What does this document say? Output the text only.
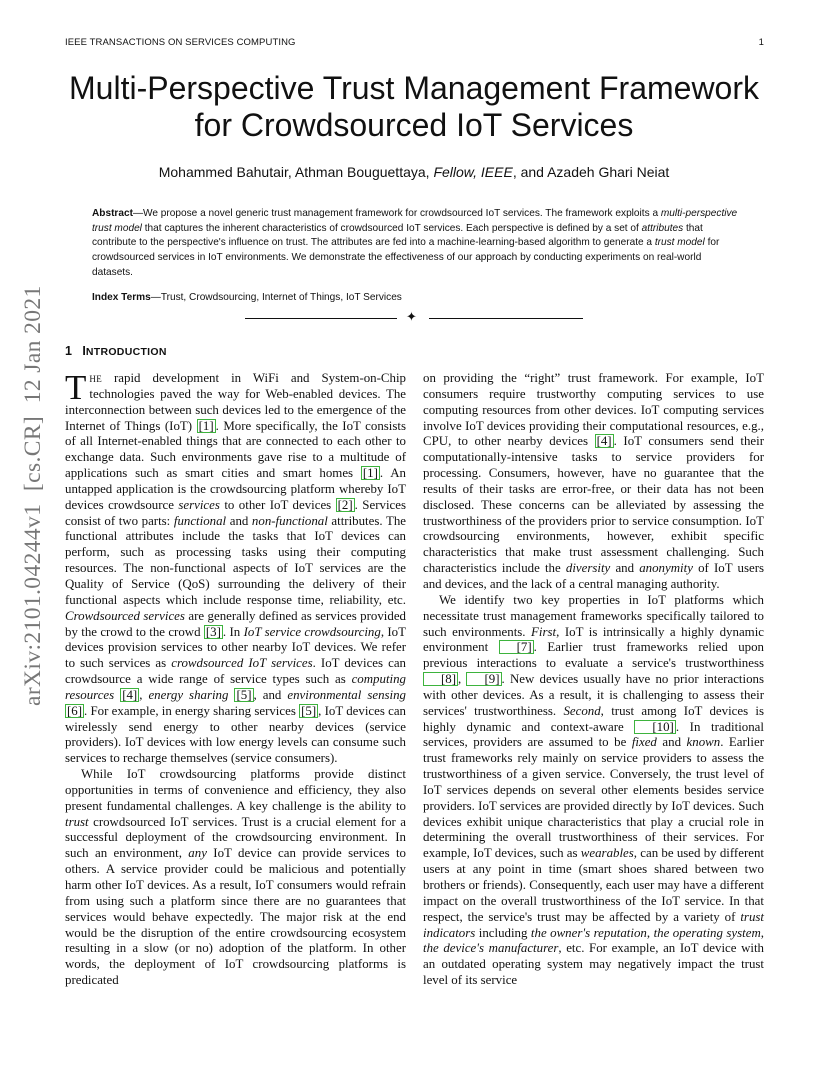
IEEE TRANSACTIONS ON SERVICES COMPUTING	1
arXiv:2101.04244v1  [cs.CR]  12 Jan 2021
Multi-Perspective Trust Management Framework
for Crowdsourced IoT Services
Mohammed Bahutair, Athman Bouguettaya, Fellow, IEEE, and Azadeh Ghari Neiat

Abstract—We propose a novel generic trust management framework for crowdsourced IoT services. The framework exploits a multi-perspective trust model that captures the inherent characteristics of crowdsourced IoT services. Each perspective is defined by a set of attributes that contribute to the perspective's influence on trust. The attributes are fed into a machine-learning-based algorithm to generate a trust model for crowdsourced services in IoT environments. We demonstrate the effectiveness of our approach by conducting experiments on real-world datasets.

Index Terms—Trust, Crowdsourcing, Internet of Things, IoT Services

✦
1 INTRODUCTION

The rapid development in WiFi and System-on-Chip technologies paved the way for Web-enabled devices. The interconnection between such devices led to the emergence of the Internet of Things (IoT) [1] . More specifically, the IoT consists of all Internet-enabled things that are connected to each other to exchange data. Such environments gave rise to a multitude of applications such as smart cities and smart homes [1] . An untapped application is the crowdsourcing platform whereby IoT devices crowdsource services to other IoT devices [2] . Services consist of two parts: functional and non-functional attributes. The functional attributes include the tasks that IoT devices can perform, such as processing tasks using their computing resources. The non-functional aspects of IoT services are the Quality of Service (QoS) surrounding the delivery of their functional aspects which include response time, reliability, etc. Crowdsourced services are generally defined as services provided by the crowd to the crowd [3] . In IoT service crowdsourcing, IoT devices provision services to other nearby IoT devices. We refer to such services as crowdsourced IoT services. IoT devices can crowdsource a wide range of service types such as computing resources [4] , energy sharing [5] , and environmental sensing [6] . For example, in energy sharing services [5] , IoT devices can wirelessly send energy to other nearby devices (service providers). IoT devices with low energy levels can consume such services to recharge themselves (service consumers).

While IoT crowdsourcing platforms provide distinct opportunities in terms of convenience and efficiency, they also present fundamental challenges. A key challenge is the ability to trust crowdsourced IoT services. Trust is a crucial element for a successful deployment of the crowdsourcing environment. In such an environment, any IoT device can provide services to others. A service provider could be malicious and potentially harm other IoT devices. As a result, IoT consumers would refrain from using such a platform since there are no guarantees that services would behave expectedly. The major risk at the end would be the disruption of the entire crowdsourcing ecosystem resulting in a slow (or no) adoption of the platform. In other words, the deployment of IoT crowdsourcing platforms is predicated

on providing the “right” trust framework. For example, IoT consumers require trustworthy computing services to use computing resources from other devices. IoT computing services involve IoT devices providing their computational resources, e.g., CPU, to other nearby devices [4] . IoT consumers send their computationally-intensive tasks to service providers for processing. Consumers, however, have no guarantee that the results of their tasks are error-free, or their data has not been disclosed. These concerns can be alleviated by assessing the trustworthiness of the providers prior to service consumption. IoT crowdsourcing environments, however, exhibit specific characteristics that make trust assessment challenging. Such characteristics include the diversity and anonymity of IoT users and devices, and the lack of a central managing authority.

We identify two key properties in IoT platforms which necessitate trust management frameworks specifically tailored to such environments. First, IoT is intrinsically a highly dynamic environment [7] . Earlier trust frameworks relied upon previous interactions to evaluate a service's trustworthiness [8] , [9] . New devices usually have no prior interactions with other devices. As a result, it is challenging to assess their services' trustworthiness. Second, trust among IoT devices is highly dynamic and context-aware [10] . In traditional services, providers are assumed to be fixed and known. Earlier trust frameworks rely mainly on service providers to assess the trustworthiness of a given service. Conversely, the trust level of IoT services depends on several other elements besides service providers. IoT services are provided directly by IoT devices. Such devices exhibit unique characteristics that play a crucial role in determining the overall trustworthiness of their services. For example, IoT devices, such as wearables, can be used by different users at any point in time (smart shoes shared between two brothers or friends). Consequently, each user may have a different impact on the overall trustworthiness of the IoT service. In that respect, the service's trust may be affected by a variety of trust indicators including the owner's reputation, the operating system, the device's manufacturer, etc. For example, an IoT device with an outdated operating system may negatively impact the trust level of its service
